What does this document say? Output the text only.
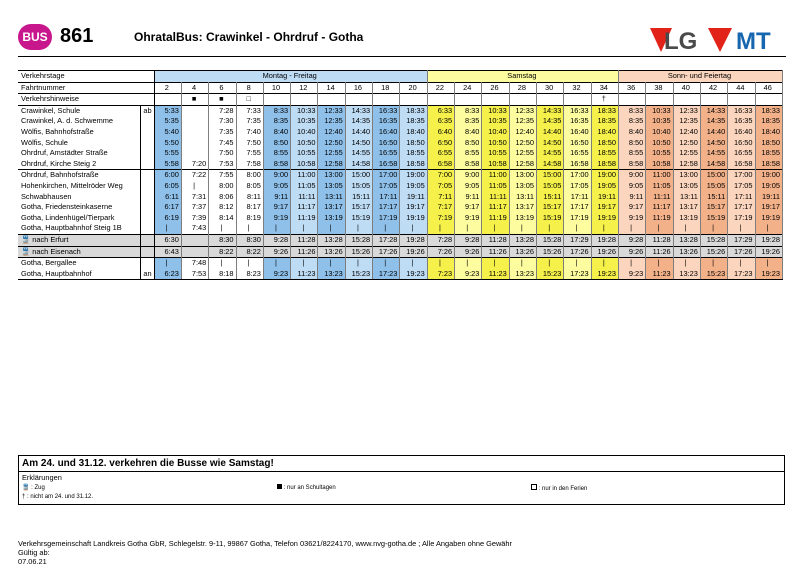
BUS 861	OhratalBus: Crawinkel - Ohrdruf - Gotha	LG MT
Verkehrstage		Montag - Freitag										Samstag							Sonn- und Feiertag					
Fahrtnummer		2	4	6	8	10	12	14	16	18	20	22	24	26	28	30	32	34	36	38	40	42	44	46
Verkehrshinweise			■	■	□													†						
Crawinkel, Schule	ab	5:33		7:28	7:33	8:33	10:33	12:33	14:33	16:33	18:33	6:33	8:33	10:33	12:33	14:33	16:33	18:33	8:33	10:33	12:33	14:33	16:33	18:33
Crawinkel, A. d. Schwemme		5:35		7:30	7:35	8:35	10:35	12:35	14:35	16:35	18:35	6:35	8:35	10:35	12:35	14:35	16:35	18:35	8:35	10:35	12:35	14:35	16:35	18:35
Wölfis, Bahnhofstraße		5:40		7:35	7:40	8:40	10:40	12:40	14:40	16:40	18:40	6:40	8:40	10:40	12:40	14:40	16:40	18:40	8:40	10:40	12:40	14:40	16:40	18:40
Wölfis, Schule		5:50		7:45	7:50	8:50	10:50	12:50	14:50	16:50	18:50	6:50	8:50	10:50	12:50	14:50	16:50	18:50	8:50	10:50	12:50	14:50	16:50	18:50
Ohrdruf, Amstädter Straße		5:55		7:50	7:55	8:55	10:55	12:55	14:55	16:55	18:55	6:55	8:55	10:55	12:55	14:55	16:55	18:55	8:55	10:55	12:55	14:55	16:55	18:55
Ohrdruf, Kirche Steig 2		5:58	7:20	7:53	7:58	8:58	10:58	12:58	14:58	16:58	18:58	6:58	8:58	10:58	12:58	14:58	16:58	18:58	8:58	10:58	12:58	14:58	16:58	18:58
Ohrdruf, Bahnhofstraße		6:00	7:22	7:55	8:00	9:00	11:00	13:00	15:00	17:00	19:00	7:00	9:00	11:00	13:00	15:00	17:00	19:00	9:00	11:00	13:00	15:00	17:00	19:00
Hohenkirchen, Mittelröder Weg		6:05	|	8:00	8:05	9:05	11:05	13:05	15:05	17:05	19:05	7:05	9:05	11:05	13:05	15:05	17:05	19:05	9:05	11:05	13:05	15:05	17:05	19:05
Schwabhausen		6:11	7:31	8:06	8:11	9:11	11:11	13:11	15:11	17:11	19:11	7:11	9:11	11:11	13:11	15:11	17:11	19:11	9:11	11:11	13:11	15:11	17:11	19:11
Gotha, Friedensteinkaserne		6:17	7:37	8:12	8:17	9:17	11:17	13:17	15:17	17:17	19:17	7:17	9:17	11:17	13:17	15:17	17:17	19:17	9:17	11:17	13:17	15:17	17:17	19:17
Gotha, Lindenhügel/Tierpark		6:19	7:39	8:14	8:19	9:19	11:19	13:19	15:19	17:19	19:19	7:19	9:19	11:19	13:19	15:19	17:19	19:19	9:19	11:19	13:19	15:19	17:19	19:19
Gotha, Hauptbahnhof Steig 1B		|	7:43	|	|	|	|	|	|	|	|	|	|	|	|	|	|	|	|	|	|	|	|	|
🚆 nach Erfurt		6:30		8:30	8:30	9:28	11:28	13:28	15:28	17:28	19:28	7:28	9:28	11:28	13:28	15:28	17:29	19:28	9:28	11:28	13:28	15:28	17:29	19:28
🚆 nach Eisenach		6:43		8:22	8:22	9:26	11:26	13:26	15:26	17:26	19:26	7:26	9:26	11:26	13:26	15:26	17:26	19:26	9:26	11:26	13:26	15:26	17:26	19:26
Gotha, Bergallee		|	7:48	|	|	|	|	|	|	|	|	|	|	|	|	|	|	|	|	|	|	|	|	|
Gotha, Hauptbahnhof	an	6:23	7:53	8:18	8:23	9:23	11:23	13:23	15:23	17:23	19:23	7:23	9:23	11:23	13:23	15:23	17:23	19:23	9:23	11:23	13:23	15:23	17:23	19:23
Am 24. und 31.12. verkehren die Busse wie Samstag!
Erklärungen
🚆 : Zug	: nur an Schultagen	: nur in den Ferien
† : nicht am 24. und 31.12.
Verkehrsgemeinschaft Landkreis Gotha GbR, Schlegelstr. 9-11, 99867 Gotha, Telefon 03621/8224170, www.nvg-gotha.de ; Alle Angaben ohne Gewähr
Gültig ab:
07.06.21
